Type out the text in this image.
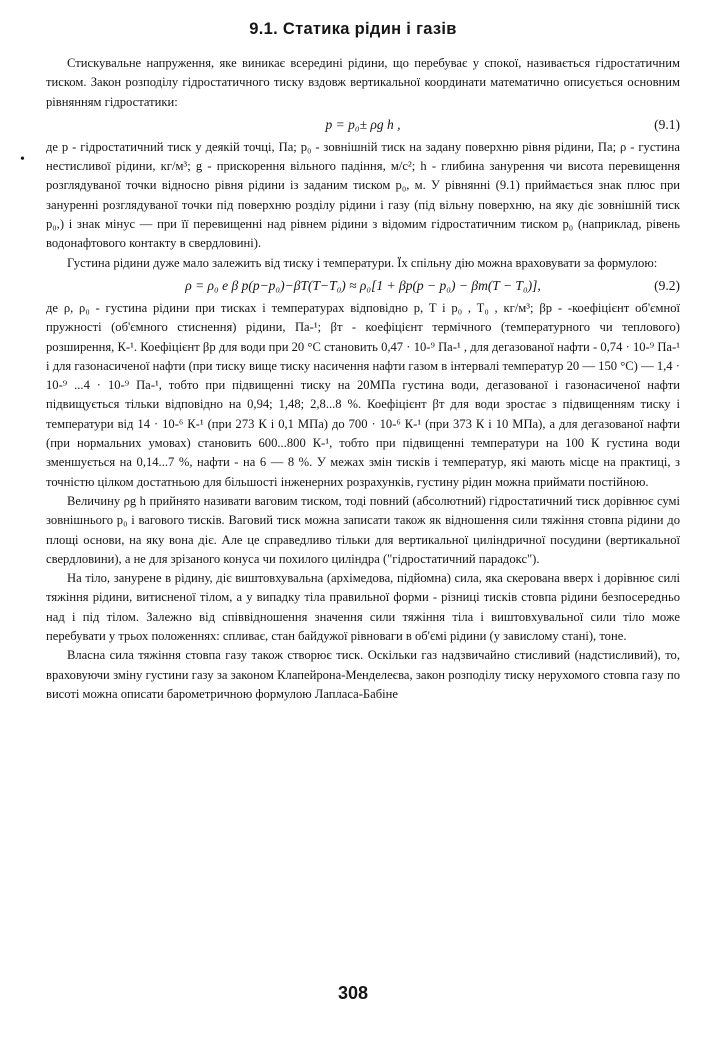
9.1. Статика рідин і газів
•

Стискувальне напруження, яке виникає всередині рідини, що перебуває у спокої, називається гідростатичним тиском. Закон розподілу гідростатичного тиску вздовж вертикальної координати математично описується основним рівнянням гідростатики:

p = p₀± ρg h ,	(9.1)

де p - гідростатичний тиск у деякій точці, Па; p₀ - зовнішній тиск на задану поверхню рівня рідини, Па; ρ - густина нестисливої рідини, кг/м³; g - прискорення вільного падіння, м/с²; h - глибина занурення чи висота перевищення розглядуваної точки відносно рівня рідини із заданим тиском p₀, м. У рівнянні (9.1) приймається знак плюс при зануренні розглядуваної точки під поверхню розділу рідини і газу (під вільну поверхню, на яку діє зовнішній тиск p₀,) і знак мінус — при її перевищенні над рівнем рідини з відомим гідростатичним тиском p₀ (наприклад, рівень водонафтового контакту в свердловині).

Густина рідини дуже мало залежить від тиску і температури. Їх спільну дію можна враховувати за формулою:

ρ = ρ₀ e β p(p−p₀)−βT(T−T₀) ≈ ρ₀[1 + βp(p − p₀) − βт(T − T₀)],	(9.2)

де ρ, ρ₀ - густина рідини при тисках і температурах відповідно p, T і p₀ , T₀ , кг/м³; βp - -коефіцієнт об'ємної пружності (об'ємного стиснення) рідини, Па-¹; βт - коефіцієнт термічного (температурного чи теплового) розширення, К-¹. Коефіцієнт βp для води при 20 °С становить 0,47 · 10-⁹ Па-¹ , для дегазованої нафти - 0,74 · 10-⁹ Па-¹ і для газонасиченої нафти (при тиску вище тиску насичення нафти газом в інтервалі температур 20 — 150 °С) — 1,4 · 10-⁹ ...4 · 10-⁹ Па-¹, тобто при підвищенні тиску на 20МПа густина води, дегазованої і газонасиченої нафти підвищується тільки відповідно на 0,94; 1,48; 2,8...8 %. Коефіцієнт βт для води зростає з підвищенням тиску і температури від 14 · 10-⁶ К-¹ (при 273 К і 0,1 МПа) до 700 · 10-⁶ К-¹ (при 373 К і 10 МПа), а для дегазованої нафти (при нормальних умовах) становить 600...800 К-¹, тобто при підвищенні температури на 100 К густина води зменшується на 0,14...7 %, нафти - на 6 — 8 %. У межах змін тисків і температур, які мають місце на практиці, з точністю цілком достатньою для більшості інженерних розрахунків, густину рідин можна приймати постійною.

Величину ρg h прийнято називати ваговим тиском, тоді повний (абсолютний) гідростатичний тиск дорівнює сумі зовнішнього p₀ і вагового тисків. Ваговий тиск можна записати також як відношення сили тяжіння стовпа рідини до площі основи, на яку вона діє. Але це справедливо тільки для вертикальної циліндричної посудини (вертикальної свердловини), а не для зрізаного конуса чи похилого циліндра ("гідростатичний парадокс").

На тіло, занурене в рідину, діє виштовхувальна (архімедова, підйомна) сила, яка скерована вверх і дорівнює силі тяжіння рідини, витисненої тілом, а у випадку тіла правильної форми - різниці тисків стовпа рідини безпосередньо над і під тілом. Залежно від співвідношення значення сили тяжіння тіла і виштовхувальної сили тіло може перебувати у трьох положеннях: спливає, стан байдужої рівноваги в об'ємі рідини (у завислому стані), тоне.

Власна сила тяжіння стовпа газу також створює тиск. Оскільки газ надзвичайно стисливий (надстисливий), то, враховуючи зміну густини газу за законом Клапейрона-Менделеєва, закон розподілу тиску нерухомого стовпа газу по висоті можна описати барометричною формулою Лапласа-Бабіне

308
